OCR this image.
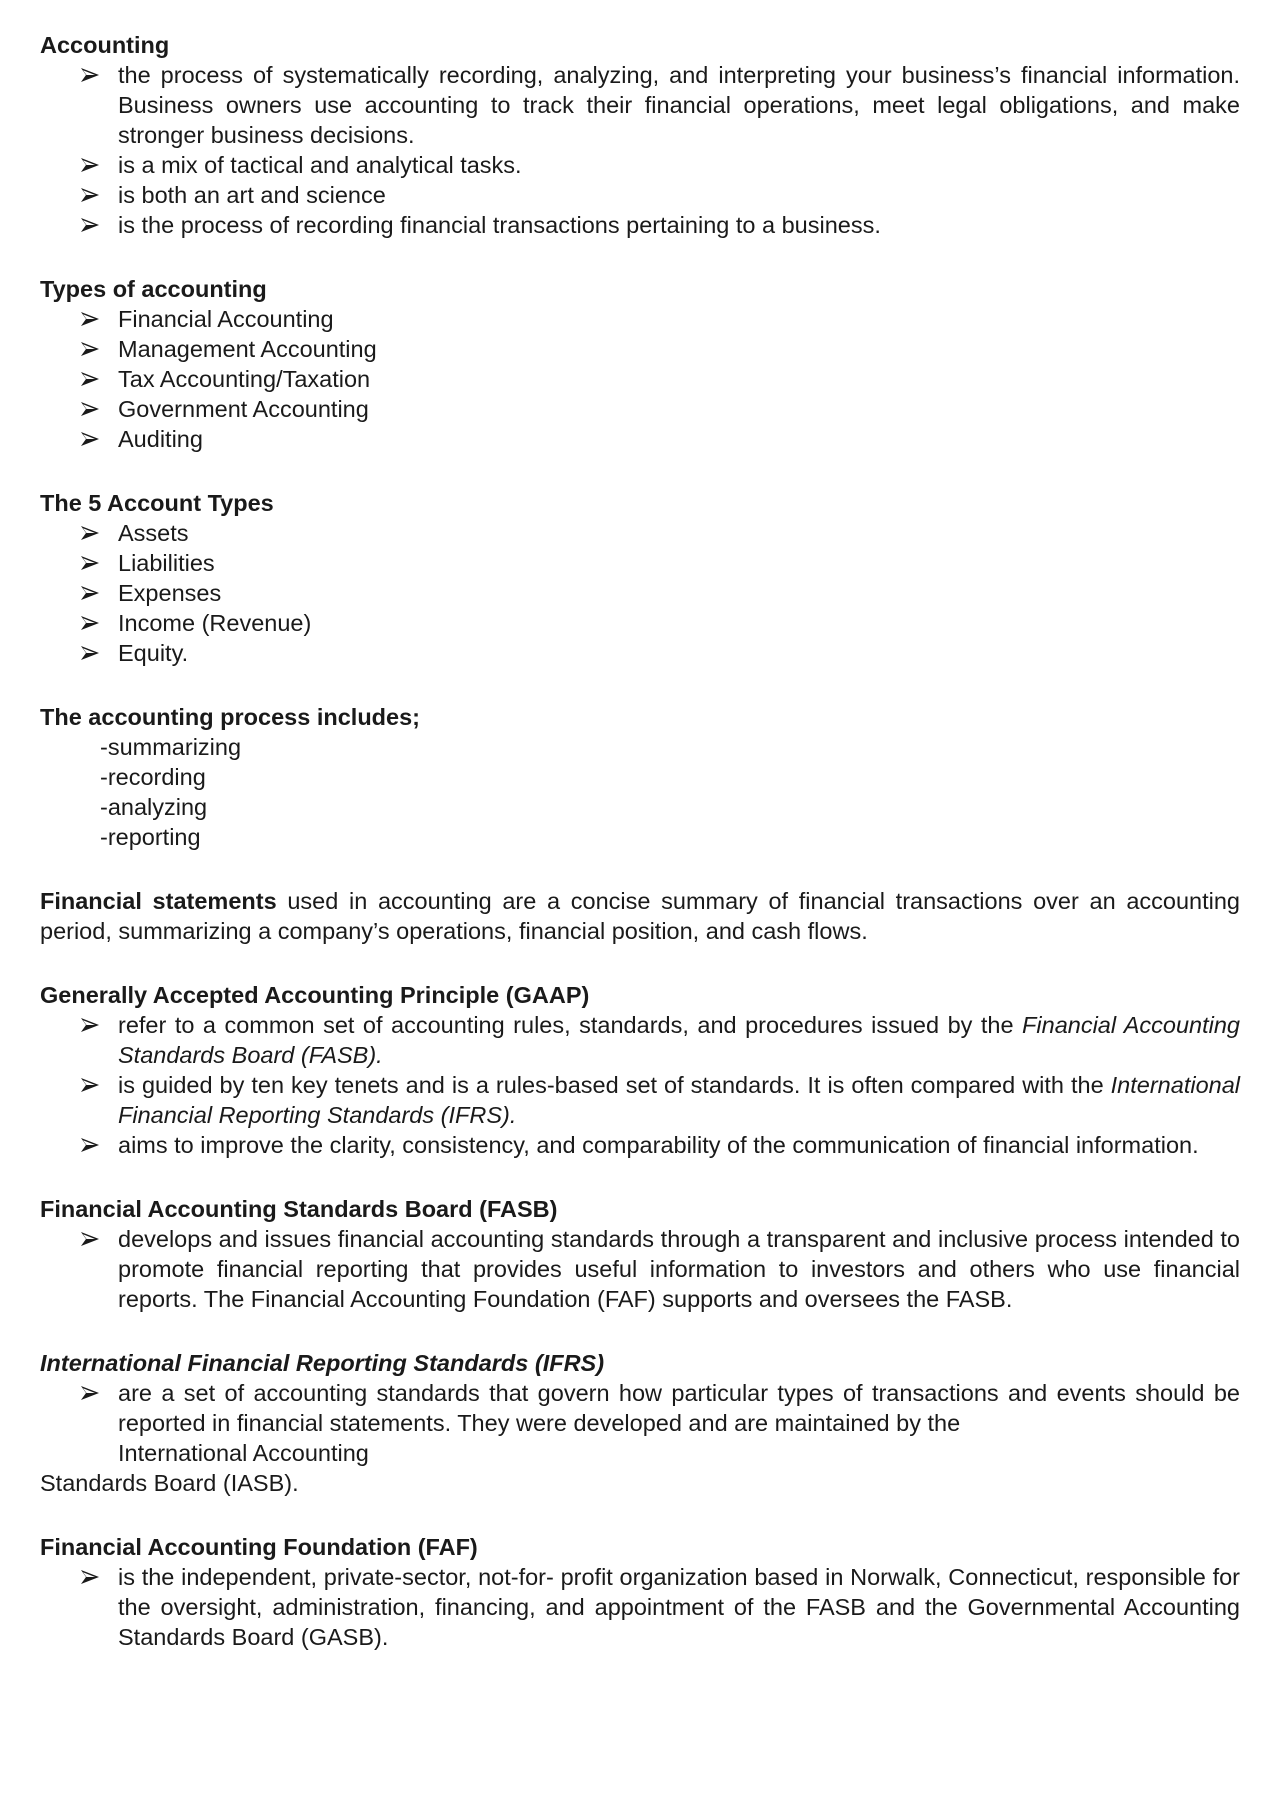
Accounting
the process of systematically recording, analyzing, and interpreting your business’s financial information. Business owners use accounting to track their financial operations, meet legal obligations, and make stronger business decisions.
is a mix of tactical and analytical tasks.
is both an art and science
is the process of recording financial transactions pertaining to a business.
Types of accounting
Financial Accounting
Management Accounting
Tax Accounting/Taxation
Government Accounting
Auditing
The 5 Account Types
Assets
Liabilities
Expenses
Income (Revenue)
Equity.
The accounting process includes;
-summarizing
-recording
-analyzing
-reporting

Financial statements used in accounting are a concise summary of financial transactions over an accounting period, summarizing a company’s operations, financial position, and cash flows.

Generally Accepted Accounting Principle (GAAP)
refer to a common set of accounting rules, standards, and procedures issued by the Financial Accounting Standards Board (FASB).
is guided by ten key tenets and is a rules-based set of standards. It is often compared with the International Financial Reporting Standards (IFRS).
aims to improve the clarity, consistency, and comparability of the communication of financial information.
Financial Accounting Standards Board (FASB)
develops and issues financial accounting standards through a transparent and inclusive process intended to promote financial reporting that provides useful information to investors and others who use financial reports. The Financial Accounting Foundation (FAF) supports and oversees the FASB.
International Financial Reporting Standards (IFRS)
are a set of accounting standards that govern how particular types of transactions and events should be reported in financial statements. They were developed and are maintained by the
International Accounting
Standards Board (IASB).
Financial Accounting Foundation (FAF)
is the independent, private-sector, not-for- profit organization based in Norwalk, Connecticut, responsible for the oversight, administration, financing, and appointment of the FASB and the Governmental Accounting Standards Board (GASB).
